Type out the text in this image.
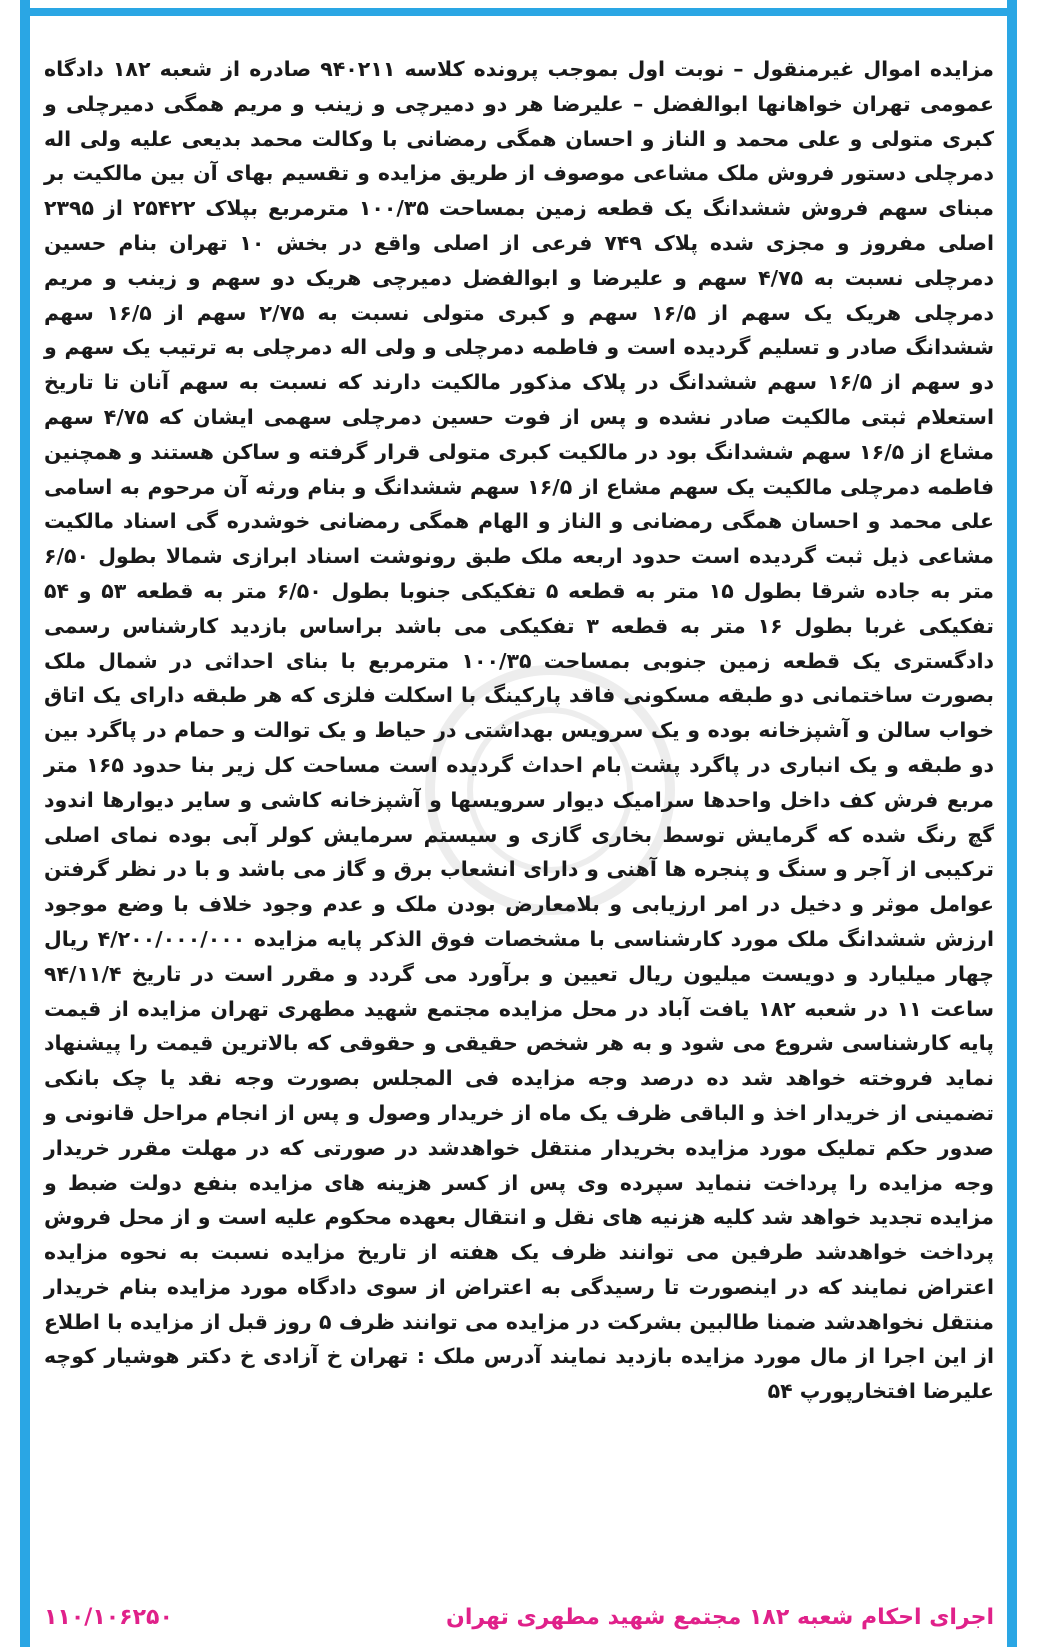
مزایده اموال غیرمنقول – نوبت اول بموجب پرونده کلاسه ۹۴۰۲۱۱ صادره از شعبه ۱۸۲ دادگاه عمومی تهران خواهانها ابوالفضل – علیرضا هر دو دمیرچی و زینب و مریم همگی دمیرچلی و کبری متولی و علی محمد و الناز و احسان همگی رمضانی با وکالت محمد بدیعی علیه ولی اله دمرچلی دستور فروش ملک مشاعی موصوف از طریق مزایده و تقسیم بهای آن بین مالکیت بر مبنای سهم فروش ششدانگ یک قطعه زمین بمساحت ۱۰۰/۳۵ مترمربع بپلاک ۲۵۴۲۲ از ۲۳۹۵ اصلی مفروز و مجزی شده پلاک ۷۴۹ فرعی از اصلی واقع در بخش ۱۰ تهران بنام حسین دمرچلی نسبت به ۴/۷۵ سهم و علیرضا و ابوالفضل دمیرچی هریک دو سهم و زینب و مریم دمرچلی هریک یک سهم از ۱۶/۵ سهم و کبری متولی نسبت به ۲/۷۵ سهم از ۱۶/۵ سهم ششدانگ صادر و تسلیم گردیده است و فاطمه دمرچلی و ولی اله دمرچلی به ترتیب یک سهم و دو سهم از ۱۶/۵ سهم ششدانگ در پلاک مذکور مالکیت دارند که نسبت به سهم آنان تا تاریخ استعلام ثبتی مالکیت صادر نشده و پس از فوت حسین دمرچلی سهمی ایشان که ۴/۷۵ سهم مشاع از ۱۶/۵ سهم ششدانگ بود در مالکیت کبری متولی قرار گرفته و ساکن هستند و همچنین فاطمه دمرچلی مالکیت یک سهم مشاع از ۱۶/۵ سهم ششدانگ و بنام ورثه آن مرحوم به اسامی علی محمد و احسان همگی رمضانی و الناز و الهام همگی رمضانی خوشدره گی اسناد مالکیت مشاعی ذیل ثبت گردیده است حدود اربعه ملک طبق رونوشت اسناد ابرازی شمالا بطول ۶/۵۰ متر به جاده شرقا بطول ۱۵ متر به قطعه ۵ تفکیکی جنوبا بطول ۶/۵۰ متر به قطعه ۵۳ و ۵۴ تفکیکی غربا بطول ۱۶ متر به قطعه ۳ تفکیکی می باشد براساس بازدید کارشناس رسمی دادگستری یک قطعه زمین جنوبی بمساحت ۱۰۰/۳۵ مترمربع با بنای احداثی در شمال ملک بصورت ساختمانی دو طبقه مسکونی فاقد پارکینگ با اسکلت فلزی که هر طبقه دارای یک اتاق خواب سالن و آشپزخانه بوده و یک سرویس بهداشتی در حیاط و یک توالت و حمام در پاگرد بین دو طبقه و یک انباری در پاگرد پشت بام احداث گردیده است مساحت کل زیر بنا حدود ۱۶۵ متر مربع فرش کف داخل واحدها سرامیک دیوار سرویسها و آشپزخانه کاشی و سایر دیوارها اندود گچ رنگ شده که گرمایش توسط بخاری گازی و سیستم سرمایش کولر آبی بوده نمای اصلی ترکیبی از آجر و سنگ و پنجره ها آهنی و دارای انشعاب برق و گاز می باشد و با در نظر گرفتن عوامل موثر و دخیل در امر ارزیابی و بلامعارض بودن ملک و عدم وجود خلاف با وضع موجود ارزش ششدانگ ملک مورد کارشناسی با مشخصات فوق الذکر پایه مزایده ۴/۲۰۰/۰۰۰/۰۰۰ ریال چهار میلیارد و دویست میلیون ریال تعیین و برآورد می گردد و مقرر است در تاریخ ۹۴/۱۱/۴ ساعت ۱۱ در شعبه ۱۸۲ یافت آباد در محل مزایده مجتمع شهید مطهری تهران مزایده از قیمت پایه کارشناسی شروع می شود و به هر شخص حقیقی و حقوقی که بالاترین قیمت را پیشنهاد نماید فروخته خواهد شد ده درصد وجه مزایده فی المجلس بصورت وجه نقد یا چک بانکی تضمینی از خریدار اخذ و الباقی ظرف یک ماه از خریدار وصول و پس از انجام مراحل قانونی و صدور حکم تملیک مورد مزایده بخریدار منتقل خواهدشد در صورتی که در مهلت مقرر خریدار وجه مزایده را پرداخت ننماید سپرده وی پس از کسر هزینه های مزایده بنفع دولت ضبط و مزایده تجدید خواهد شد کلیه هزنیه های نقل و انتقال بعهده محکوم علیه است و از محل فروش پرداخت خواهدشد طرفین می توانند ظرف یک هفته از تاریخ مزایده نسبت به نحوه مزایده اعتراض نمایند که در اینصورت تا رسیدگی به اعتراض از سوی دادگاه مورد مزایده بنام خریدار منتقل نخواهدشد ضمنا طالبین بشرکت در مزایده می توانند ظرف ۵ روز قبل از مزایده با اطلاع از این اجرا از مال مورد مزایده بازدید نمایند آدرس ملک : تهران خ آزادی خ دکتر هوشیار کوچه علیرضا افتخارپورپ ۵۴

اجرای احکام شعبه ۱۸۲ مجتمع شهید مطهری تهران
۱۱۰/۱۰۶۲۵۰
